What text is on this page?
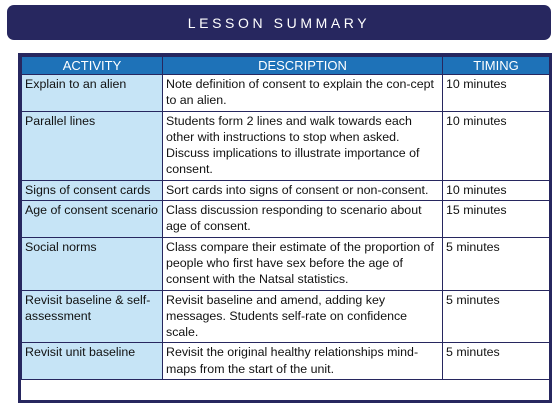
LESSON SUMMARY
ACTIVITY	DESCRIPTION	TIMING
Explain to an alien	Note definition of consent to explain the con-cept to an alien.	10 minutes
Parallel lines	Students form 2 lines and walk towards each other with instructions to stop when asked. Discuss implications to illustrate importance of consent.	10 minutes
Signs of consent cards	Sort cards into signs of consent or non-consent.	10 minutes
Age of consent scenario	Class discussion responding to scenario about age of consent.	15 minutes
Social norms	Class compare their estimate of the proportion of people who first have sex before the age of consent with the Natsal statistics.	5 minutes
Revisit baseline & self-assessment	Revisit baseline and amend, adding key messages. Students self-rate on confidence scale.	5 minutes
Revisit unit baseline	Revisit the original healthy relationships mind-maps from the start of the unit.	5 minutes
